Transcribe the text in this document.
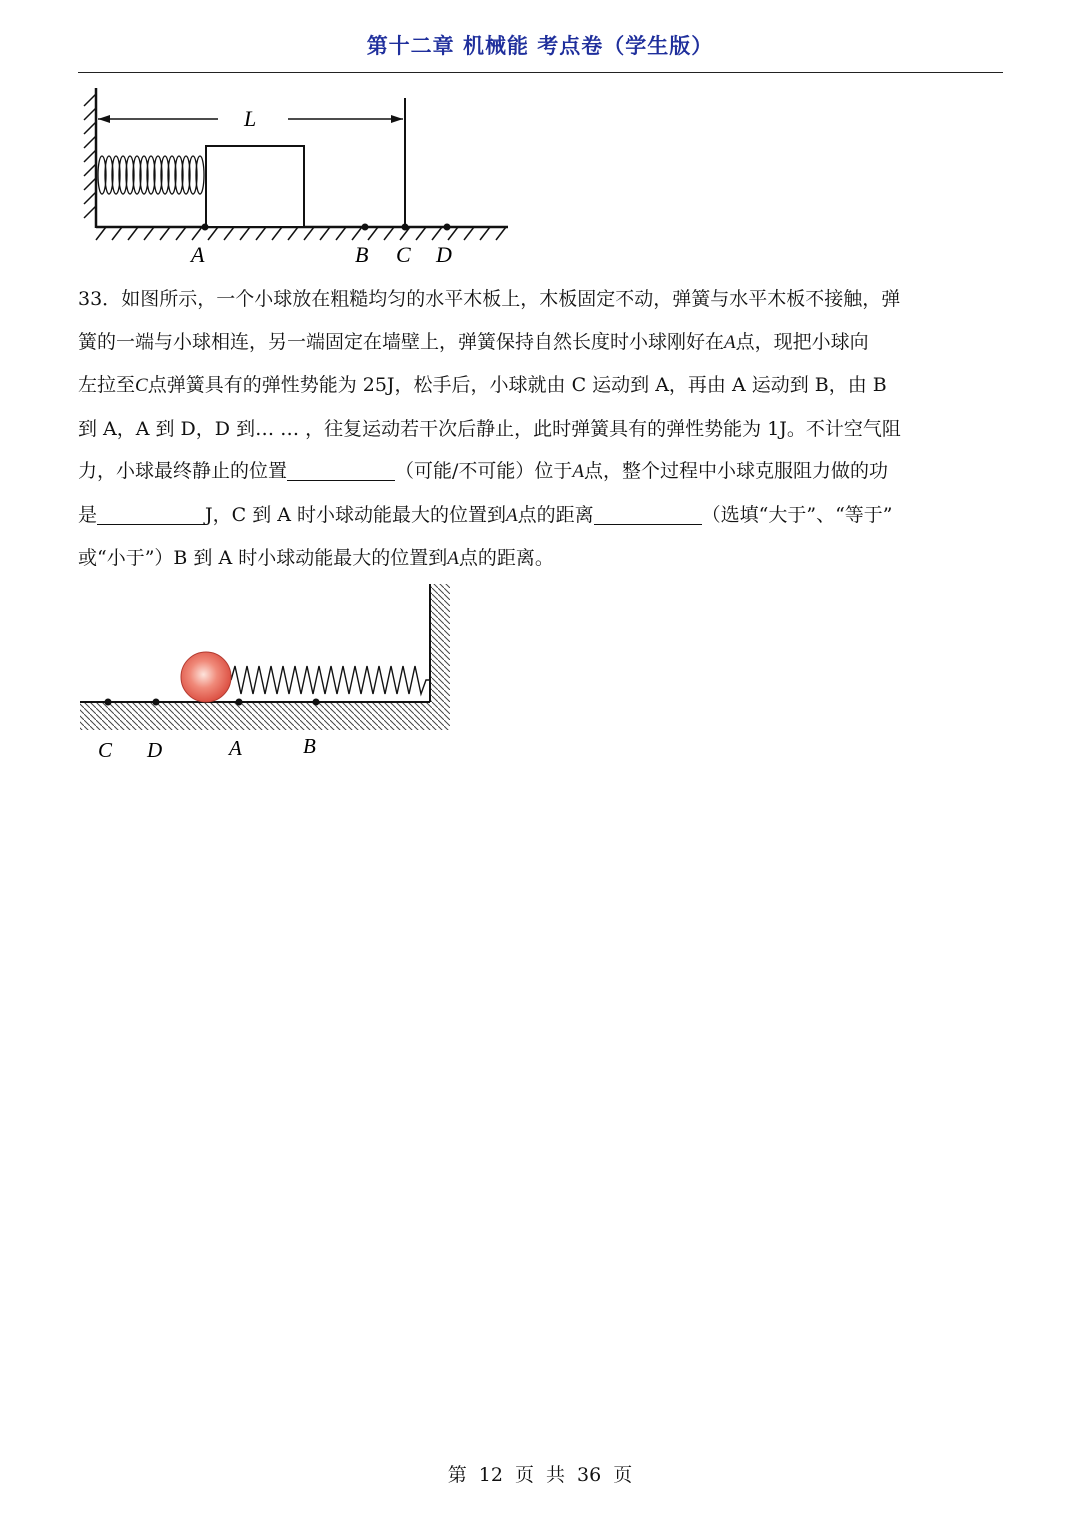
第十二章 机械能 考点卷（学生版）
L
A	B C D
33．如图所示，一个小球放在粗糙均匀的水平木板上，木板固定不动，弹簧与水平木板不接触，弹
簧的一端与小球相连，另一端固定在墙壁上，弹簧保持自然长度时小球刚好在A点，现把小球向
左拉至C点弹簧具有的弹性势能为 25J，松手后，小球就由 C 运动到 A，再由 A 运动到 B，由 B
到 A，A 到 D，D 到… … ，往复运动若干次后静止，此时弹簧具有的弹性势能为 1J。不计空气阻
力，小球最终静止的位置	（可能/不可能）位于A点，整个过程中小球克服阻力做的功
是	J，C 到 A 时小球动能最大的位置到A点的距离	（选填“大于”、“等于”
或“小于”）B 到 A 时小球动能最大的位置到A点的距离。
C D	A	B
第 12 页 共 36 页
